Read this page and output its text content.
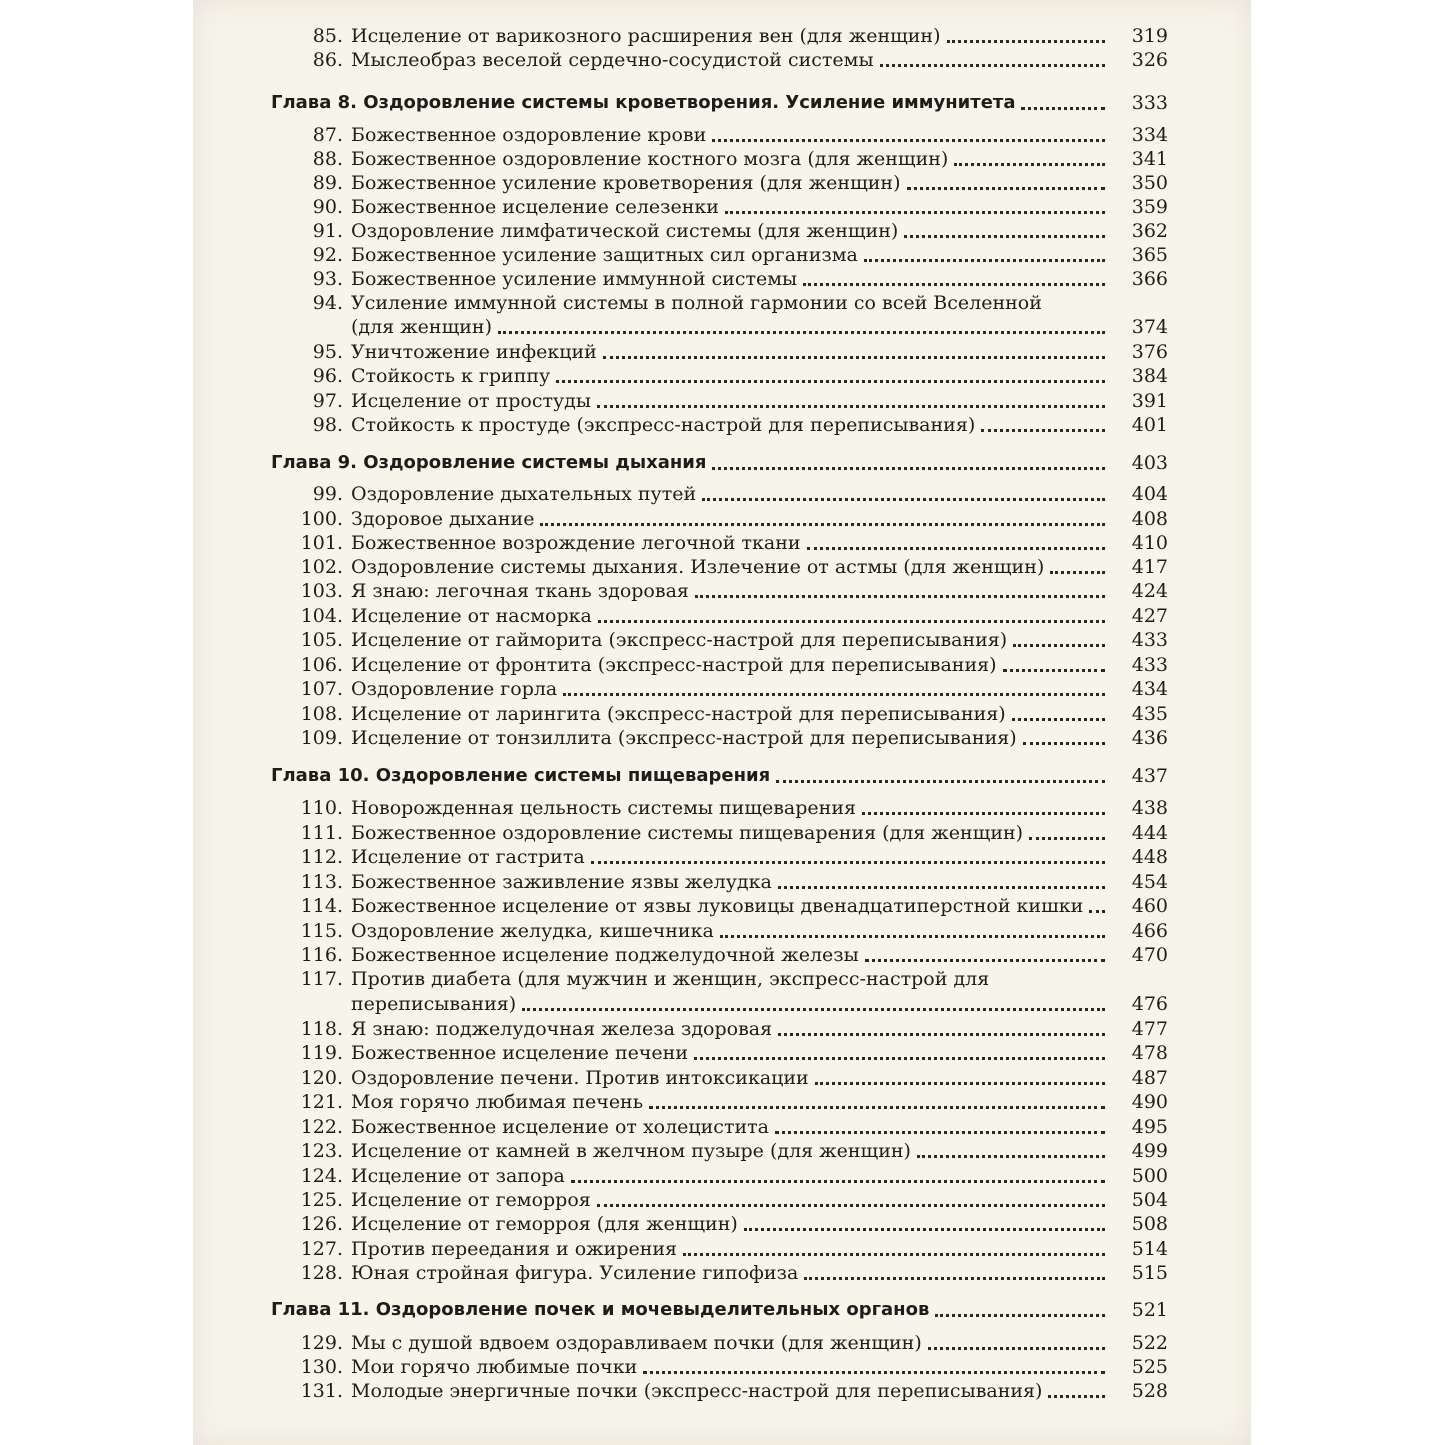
85. Исцеление от варикозного расширения вен (для женщин)	319
86. Мыслеобраз веселой сердечно-сосудистой системы	326
Глава 8. Оздоровление системы кроветворения. Усиление иммунитета	333
87. Божественное оздоровление крови	334
88. Божественное оздоровление костного мозга (для женщин)	341
89. Божественное усиление кроветворения (для женщин)	350
90. Божественное исцеление селезенки	359
91. Оздоровление лимфатической системы (для женщин)	362
92. Божественное усиление защитных сил организма	365
93. Божественное усиление иммунной системы	366
94. Усиление иммунной системы в полной гармонии со всей Вселенной
(для женщин)	374
95. Уничтожение инфекций	376
96. Стойкость к гриппу	384
97. Исцеление от простуды	391
98. Стойкость к простуде (экспресс-настрой для переписывания)	401
Глава 9. Оздоровление системы дыхания	403
99. Оздоровление дыхательных путей	404
100. Здоровое дыхание	408
101. Божественное возрождение легочной ткани	410
102. Оздоровление системы дыхания. Излечение от астмы (для женщин)	417
103. Я знаю: легочная ткань здоровая	424
104. Исцеление от насморка	427
105. Исцеление от гайморита (экспресс-настрой для переписывания)	433
106. Исцеление от фронтита (экспресс-настрой для переписывания)	433
107. Оздоровление горла	434
108. Исцеление от ларингита (экспресс-настрой для переписывания)	435
109. Исцеление от тонзиллита (экспресс-настрой для переписывания)	436
Глава 10. Оздоровление системы пищеварения	437
110. Новорожденная цельность системы пищеварения	438
111. Божественное оздоровление системы пищеварения (для женщин)	444
112. Исцеление от гастрита	448
113. Божественное заживление язвы желудка	454
114. Божественное исцеление от язвы луковицы двенадцатиперстной кишки	460
115. Оздоровление желудка, кишечника	466
116. Божественное исцеление поджелудочной железы	470
117. Против диабета (для мужчин и женщин, экспресс-настрой для
переписывания)	476
118. Я знаю: поджелудочная железа здоровая	477
119. Божественное исцеление печени	478
120. Оздоровление печени. Против интоксикации	487
121. Моя горячо любимая печень	490
122. Божественное исцеление от холецистита	495
123. Исцеление от камней в желчном пузыре (для женщин)	499
124. Исцеление от запора	500
125. Исцеление от геморроя	504
126. Исцеление от геморроя (для женщин)	508
127. Против переедания и ожирения	514
128. Юная стройная фигура. Усиление гипофиза	515
Глава 11. Оздоровление почек и мочевыделительных органов	521
129. Мы с душой вдвоем оздоравливаем почки (для женщин)	522
130. Мои горячо любимые почки	525
131. Молодые энергичные почки (экспресс-настрой для переписывания)	528
